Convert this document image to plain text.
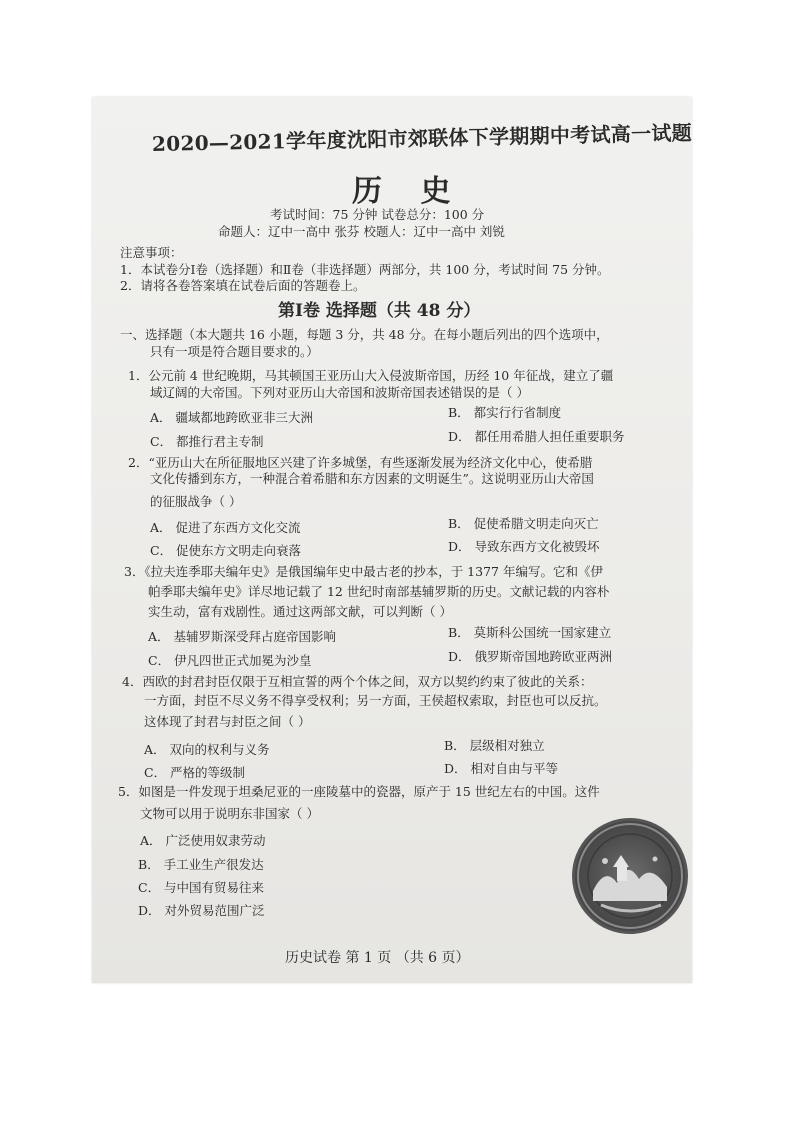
2020—2021学年度沈阳市郊联体下学期期中考试高一试题
历 史
考试时间：75 分钟 试卷总分：100 分
命题人：辽中一高中 张芬 校题人：辽中一高中 刘锐
注意事项：
1．本试卷分Ⅰ卷（选择题）和Ⅱ卷（非选择题）两部分，共 100 分，考试时间 75 分钟。
2．请将各卷答案填在试卷后面的答题卷上。
第Ⅰ卷 选择题（共 48 分）
一、选择题（本大题共 16 小题，每题 3 分，共 48 分。在每小题后列出的四个选项中，
只有一项是符合题目要求的。）
1．公元前 4 世纪晚期，马其顿国王亚历山大入侵波斯帝国，历经 10 年征战，建立了疆
域辽阔的大帝国。下列对亚历山大帝国和波斯帝国表述错误的是（ ）
A． 疆域都地跨欧亚非三大洲	B． 都实行行省制度
C． 都推行君主专制	D． 都任用希腊人担任重要职务
2．“亚历山大在所征服地区兴建了许多城堡，有些逐渐发展为经济文化中心，使希腊
文化传播到东方，一种混合着希腊和东方因素的文明诞生”。这说明亚历山大帝国
的征服战争（ ）
A． 促进了东西方文化交流	B． 促使希腊文明走向灭亡
C． 促使东方文明走向衰落	D． 导致东西方文化被毁坏
3．《拉夫连季耶夫编年史》是俄国编年史中最古老的抄本，于 1377 年编写。它和《伊
帕季耶夫编年史》详尽地记载了 12 世纪时南部基辅罗斯的历史。文献记载的内容朴
实生动，富有戏剧性。通过这两部文献，可以判断（ ）
A． 基辅罗斯深受拜占庭帝国影响	B． 莫斯科公国统一国家建立
C． 伊凡四世正式加冕为沙皇	D． 俄罗斯帝国地跨欧亚两洲
4．西欧的封君封臣仅限于互相宣誓的两个个体之间，双方以契约约束了彼此的关系：
一方面，封臣不尽义务不得享受权利；另一方面，王侯超权索取，封臣也可以反抗。
这体现了封君与封臣之间（ ）
A． 双向的权利与义务	B． 层级相对独立
C． 严格的等级制	D． 相对自由与平等
5．如图是一件发现于坦桑尼亚的一座陵墓中的瓷器，原产于 15 世纪左右的中国。这件
文物可以用于说明东非国家（ ）
A． 广泛使用奴隶劳动
B． 手工业生产很发达
C． 与中国有贸易往来
D． 对外贸易范围广泛
历史试卷 第 1 页 （共 6 页）
